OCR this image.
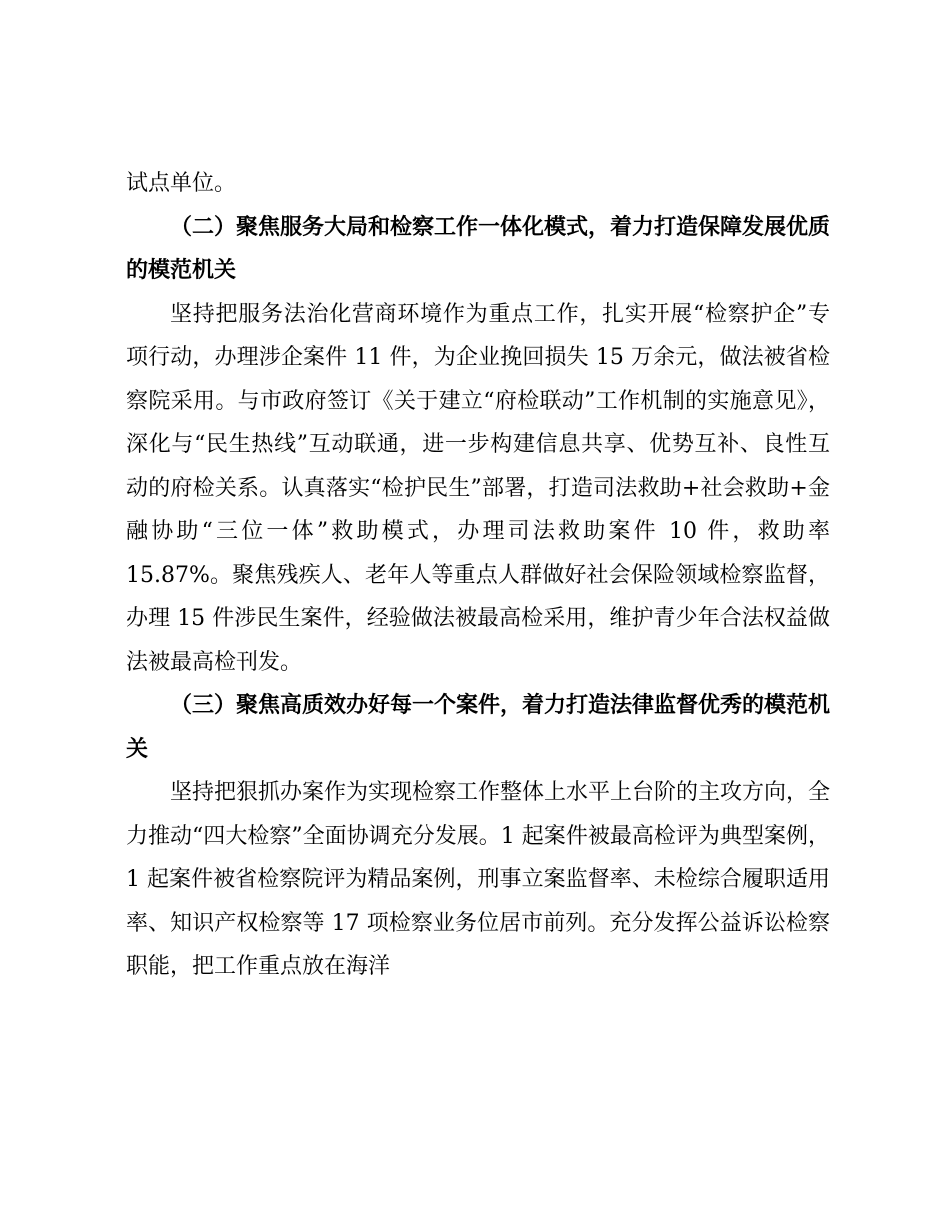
试点单位。

（二）聚焦服务大局和检察工作一体化模式，着力打造保障发展优质的模范机关

坚持把服务法治化营商环境作为重点工作，扎实开展“检察护企”专项行动，办理涉企案件 11 件，为企业挽回损失 15 万余元，做法被省检察院采用。与市政府签订《关于建立“府检联动”工作机制的实施意见》，深化与“民生热线”互动联通，进一步构建信息共享、优势互补、良性互动的府检关系。认真落实“检护民生”部署，打造司法救助+社会救助+金融协助“三位一体”救助模式，办理司法救助案件 10 件，救助率 15.87%。聚焦残疾人、老年人等重点人群做好社会保险领域检察监督，办理 15 件涉民生案件，经验做法被最高检采用，维护青少年合法权益做法被最高检刊发。

（三）聚焦高质效办好每一个案件，着力打造法律监督优秀的模范机关

坚持把狠抓办案作为实现检察工作整体上水平上台阶的主攻方向，全力推动“四大检察”全面协调充分发展。1 起案件被最高检评为典型案例，1 起案件被省检察院评为精品案例，刑事立案监督率、未检综合履职适用率、知识产权检察等 17 项检察业务位居市前列。充分发挥公益诉讼检察职能，把工作重点放在海洋
